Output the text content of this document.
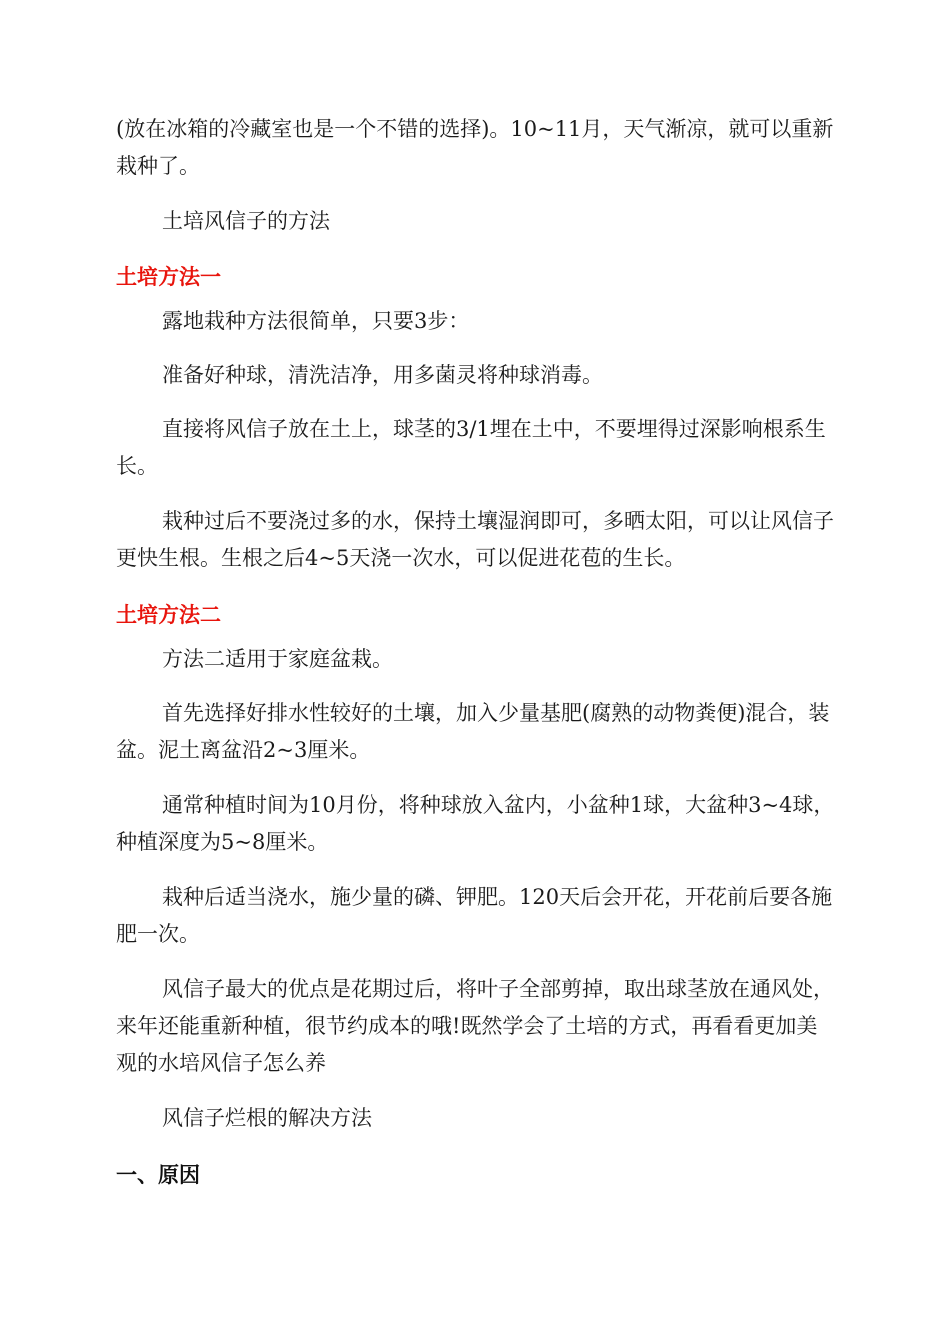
(放在冰箱的冷藏室也是一个不错的选择)。10~11月，天气渐凉，就可以重新栽种了。

土培风信子的方法

土培方法一

露地栽种方法很简单，只要3步：

准备好种球，清洗洁净，用多菌灵将种球消毒。

直接将风信子放在土上，球茎的3/1埋在土中，不要埋得过深影响根系生长。

栽种过后不要浇过多的水，保持土壤湿润即可，多晒太阳，可以让风信子更快生根。生根之后4~5天浇一次水，可以促进花苞的生长。

土培方法二

方法二适用于家庭盆栽。

首先选择好排水性较好的土壤，加入少量基肥(腐熟的动物粪便)混合，装盆。泥土离盆沿2~3厘米。

通常种植时间为10月份，将种球放入盆内，小盆种1球，大盆种3~4球，种植深度为5~8厘米。

栽种后适当浇水，施少量的磷、钾肥。120天后会开花，开花前后要各施肥一次。

风信子最大的优点是花期过后，将叶子全部剪掉，取出球茎放在通风处，来年还能重新种植，很节约成本的哦!既然学会了土培的方式，再看看更加美观的水培风信子怎么养

风信子烂根的解决方法

一、原因
